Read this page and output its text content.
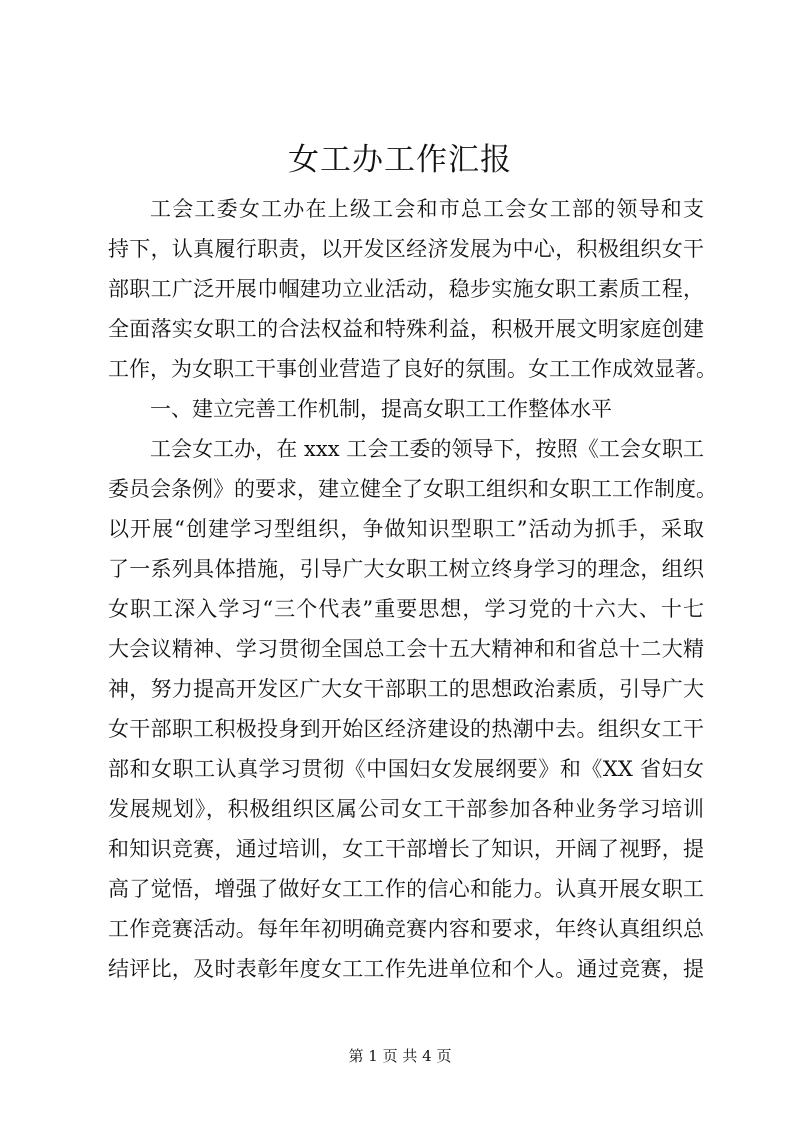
女工办工作汇报
工会工委女工办在上级工会和市总工会女工部的领导和支
持下，认真履行职责，以开发区经济发展为中心，积极组织女干
部职工广泛开展巾帼建功立业活动，稳步实施女职工素质工程，
全面落实女职工的合法权益和特殊利益，积极开展文明家庭创建
工作，为女职工干事创业营造了良好的氛围。女工工作成效显著。
一、建立完善工作机制，提高女职工工作整体水平
工会女工办，在 xxx 工会工委的领导下，按照《工会女职工
委员会条例》的要求，建立健全了女职工组织和女职工工作制度。
以开展“创建学习型组织，争做知识型职工”活动为抓手，采取
了一系列具体措施，引导广大女职工树立终身学习的理念，组织
女职工深入学习“三个代表”重要思想，学习党的十六大、十七
大会议精神、学习贯彻全国总工会十五大精神和和省总十二大精
神，努力提高开发区广大女干部职工的思想政治素质，引导广大
女干部职工积极投身到开始区经济建设的热潮中去。组织女工干
部和女职工认真学习贯彻《中国妇女发展纲要》和《XX 省妇女
发展规划》，积极组织区属公司女工干部参加各种业务学习培训
和知识竞赛，通过培训，女工干部增长了知识，开阔了视野，提
高了觉悟，增强了做好女工工作的信心和能力。认真开展女职工
工作竞赛活动。每年年初明确竞赛内容和要求，年终认真组织总
结评比，及时表彰年度女工工作先进单位和个人。通过竞赛，提
第 1 页 共 4 页
